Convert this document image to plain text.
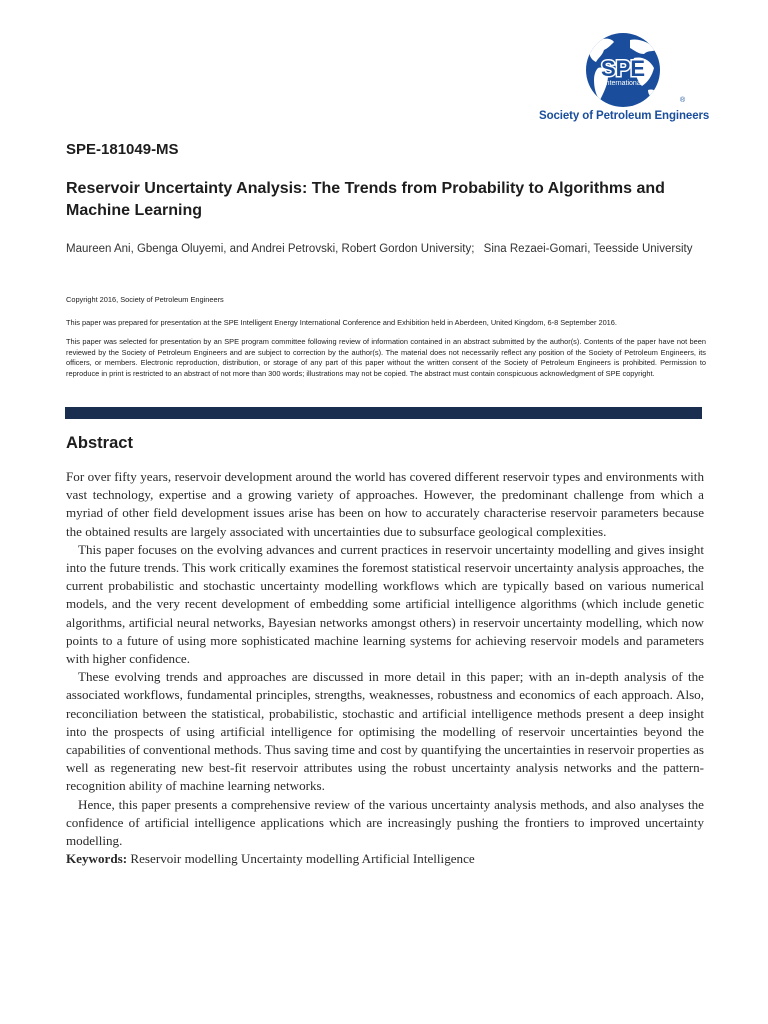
SPE
International
®
Society of Petroleum Engineers
SPE-181049-MS
Reservoir Uncertainty Analysis: The Trends from Probability to Algorithms and Machine Learning
Maureen Ani, Gbenga Oluyemi, and Andrei Petrovski, Robert Gordon University; Sina Rezaei-Gomari, Teesside University
Copyright 2016, Society of Petroleum Engineers
This paper was prepared for presentation at the SPE Intelligent Energy International Conference and Exhibition held in Aberdeen, United Kingdom, 6-8 September 2016.
This paper was selected for presentation by an SPE program committee following review of information contained in an abstract submitted by the author(s). Contents of the paper have not been reviewed by the Society of Petroleum Engineers and are subject to correction by the author(s). The material does not necessarily reflect any position of the Society of Petroleum Engineers, its officers, or members. Electronic reproduction, distribution, or storage of any part of this paper without the written consent of the Society of Petroleum Engineers is prohibited. Permission to reproduce in print is restricted to an abstract of not more than 300 words; illustrations may not be copied. The abstract must contain conspicuous acknowledgment of SPE copyright.
Abstract

For over fifty years, reservoir development around the world has covered different reservoir types and environments with vast technology, expertise and a growing variety of approaches. However, the predominant challenge from which a myriad of other field development issues arise has been on how to accurately characterise reservoir parameters because the obtained results are largely associated with uncertainties due to subsurface geological complexities.

This paper focuses on the evolving advances and current practices in reservoir uncertainty modelling and gives insight into the future trends. This work critically examines the foremost statistical reservoir uncertainty analysis approaches, the current probabilistic and stochastic uncertainty modelling workflows which are typically based on various numerical models, and the very recent development of embedding some artificial intelligence algorithms (which include genetic algorithms, artificial neural networks, Bayesian networks amongst others) in reservoir uncertainty modelling, which now points to a future of using more sophisticated machine learning systems for achieving reservoir models and parameters with higher confidence.

These evolving trends and approaches are discussed in more detail in this paper; with an in-depth analysis of the associated workflows, fundamental principles, strengths, weaknesses, robustness and economics of each approach. Also, reconciliation between the statistical, probabilistic, stochastic and artificial intelligence methods present a deep insight into the prospects of using artificial intelligence for optimising the modelling of reservoir uncertainties beyond the capabilities of conventional methods. Thus saving time and cost by quantifying the uncertainties in reservoir properties as well as regenerating new best-fit reservoir attributes using the robust uncertainty analysis networks and the pattern-recognition ability of machine learning networks.

Hence, this paper presents a comprehensive review of the various uncertainty analysis methods, and also analyses the confidence of artificial intelligence applications which are increasingly pushing the frontiers to improved uncertainty modelling.

Keywords: Reservoir modelling Uncertainty modelling Artificial Intelligence
